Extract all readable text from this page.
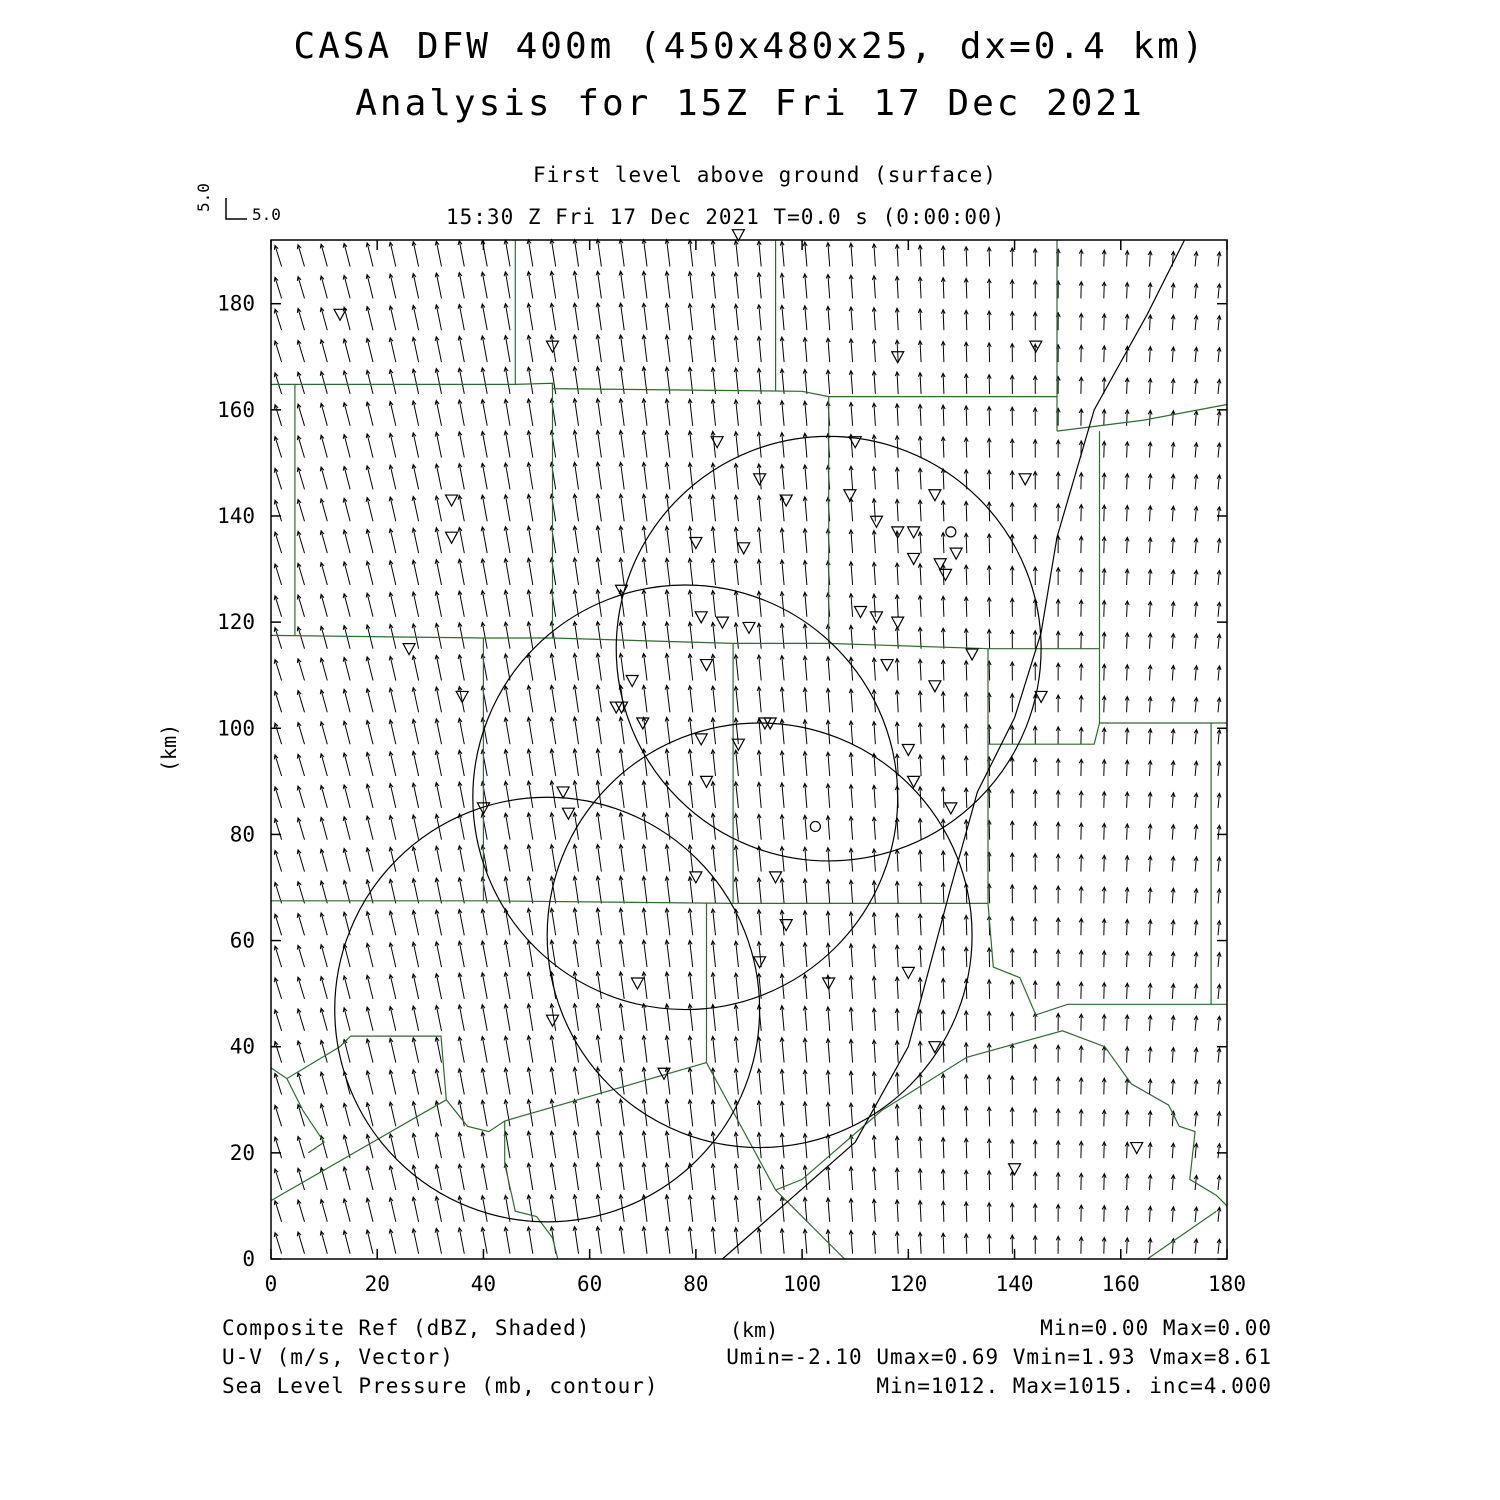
CASA DFW 400m (450x480x25, dx=0.4 km)
Analysis for 15Z Fri 17 Dec 2021
First level above ground (surface)
15:30 Z Fri 17 Dec 2021 T=0.0 s (0:00:00)
5.0
5.0
0	20	40	60	80	100	120	140	160	180
0
20
40
60
80
100
120
140
160
180
(km)
(km)
Composite Ref (dBZ, Shaded)
U-V (m/s, Vector)
Sea Level Pressure (mb, contour)
Min=0.00 Max=0.00
Umin=-2.10 Umax=0.69 Vmin=1.93 Vmax=8.61
Min=1012. Max=1015. inc=4.000
